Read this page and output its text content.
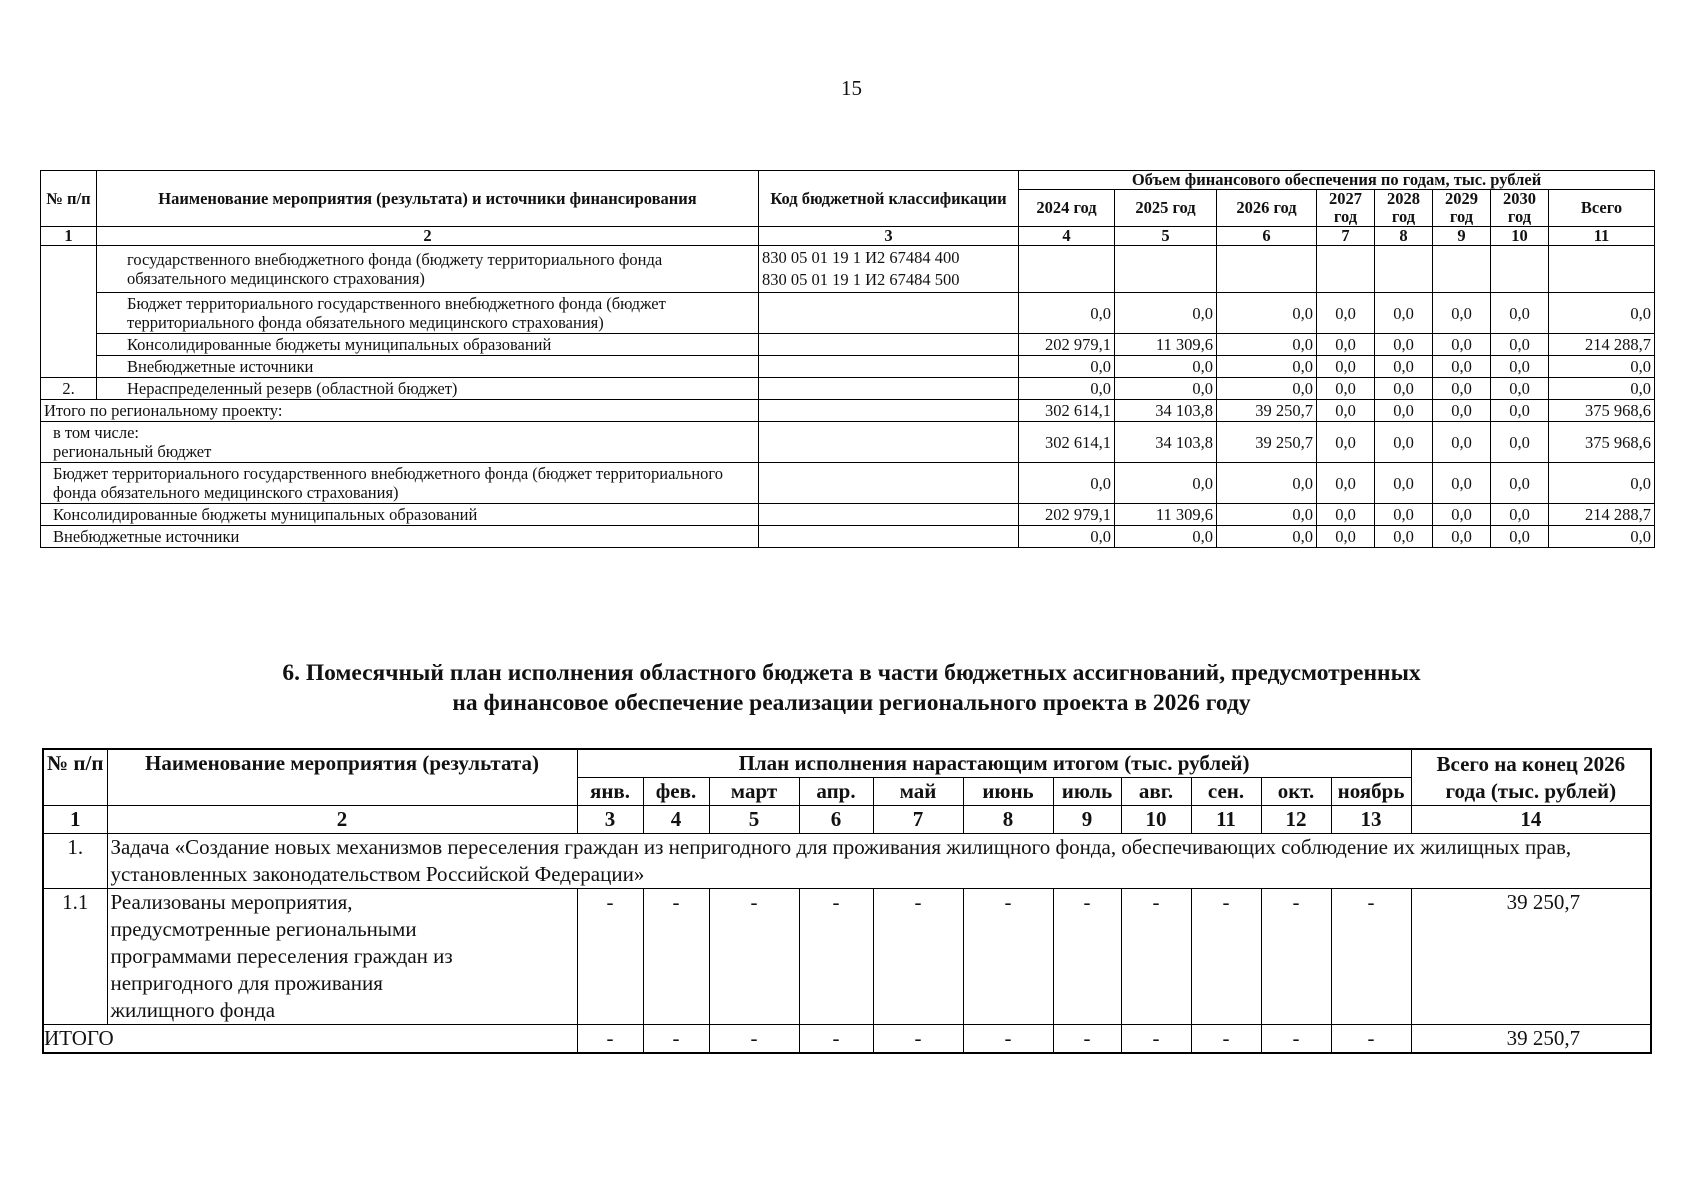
15
№ п/п	Наименование мероприятия (результата) и источники финансирования	Код бюджетной классификации	Объем финансового обеспечения по годам, тыс. рублей							
			2024 год	2025 год	2026 год	2027 год	2028 год	2029 год	2030 год	Всего
1	2	3	4	5	6	7	8	9	10	11
	государственного внебюджетного фонда (бюджету территориального фонда обязательного медицинского страхования)	830 05 01 19 1 И2 67484 400
830 05 01 19 1 И2 67484 500								
	Бюджет территориального государственного внебюджетного фонда (бюджет территориального фонда обязательного медицинского страхования)		0,0	0,0	0,0	0,0	0,0	0,0	0,0	0,0
	Консолидированные бюджеты муниципальных образований		202 979,1	11 309,6	0,0	0,0	0,0	0,0	0,0	214 288,7
	Внебюджетные источники		0,0	0,0	0,0	0,0	0,0	0,0	0,0	0,0
2.	Нераспределенный резерв (областной бюджет)		0,0	0,0	0,0	0,0	0,0	0,0	0,0	0,0
Итого по региональному проекту:			302 614,1	34 103,8	39 250,7	0,0	0,0	0,0	0,0	375 968,6
в том числе:
региональный бюджет			302 614,1	34 103,8	39 250,7	0,0	0,0	0,0	0,0	375 968,6
Бюджет территориального государственного внебюджетного фонда (бюджет территориального фонда обязательного медицинского страхования)			0,0	0,0	0,0	0,0	0,0	0,0	0,0	0,0
Консолидированные бюджеты муниципальных образований			202 979,1	11 309,6	0,0	0,0	0,0	0,0	0,0	214 288,7
Внебюджетные источники			0,0	0,0	0,0	0,0	0,0	0,0	0,0	0,0
6. Помесячный план исполнения областного бюджета в части бюджетных ассигнований, предусмотренных
на финансовое обеспечение реализации регионального проекта в 2026 году
№ п/п	Наименование мероприятия (результата)	План исполнения нарастающим итогом (тыс. рублей)											Всего на конец 2026 года (тыс. рублей)
		янв.	фев.	март	апр.	май	июнь	июль	авг.	сен.	окт.	ноябрь	
1	2	3	4	5	6	7	8	9	10	11	12	13	14
1.	Задача «Создание новых механизмов переселения граждан из непригодного для проживания жилищного фонда, обеспечивающих соблюдение их жилищных прав, установленных законодательством Российской Федерации»												
1.1	Реализованы мероприятия, предусмотренные региональными программами переселения граждан из непригодного для проживания жилищного фонда	-	-	-	-	-	-	-	-	-	-	-	39 250,7
ИТОГО		-	-	-	-	-	-	-	-	-	-	-	39 250,7
